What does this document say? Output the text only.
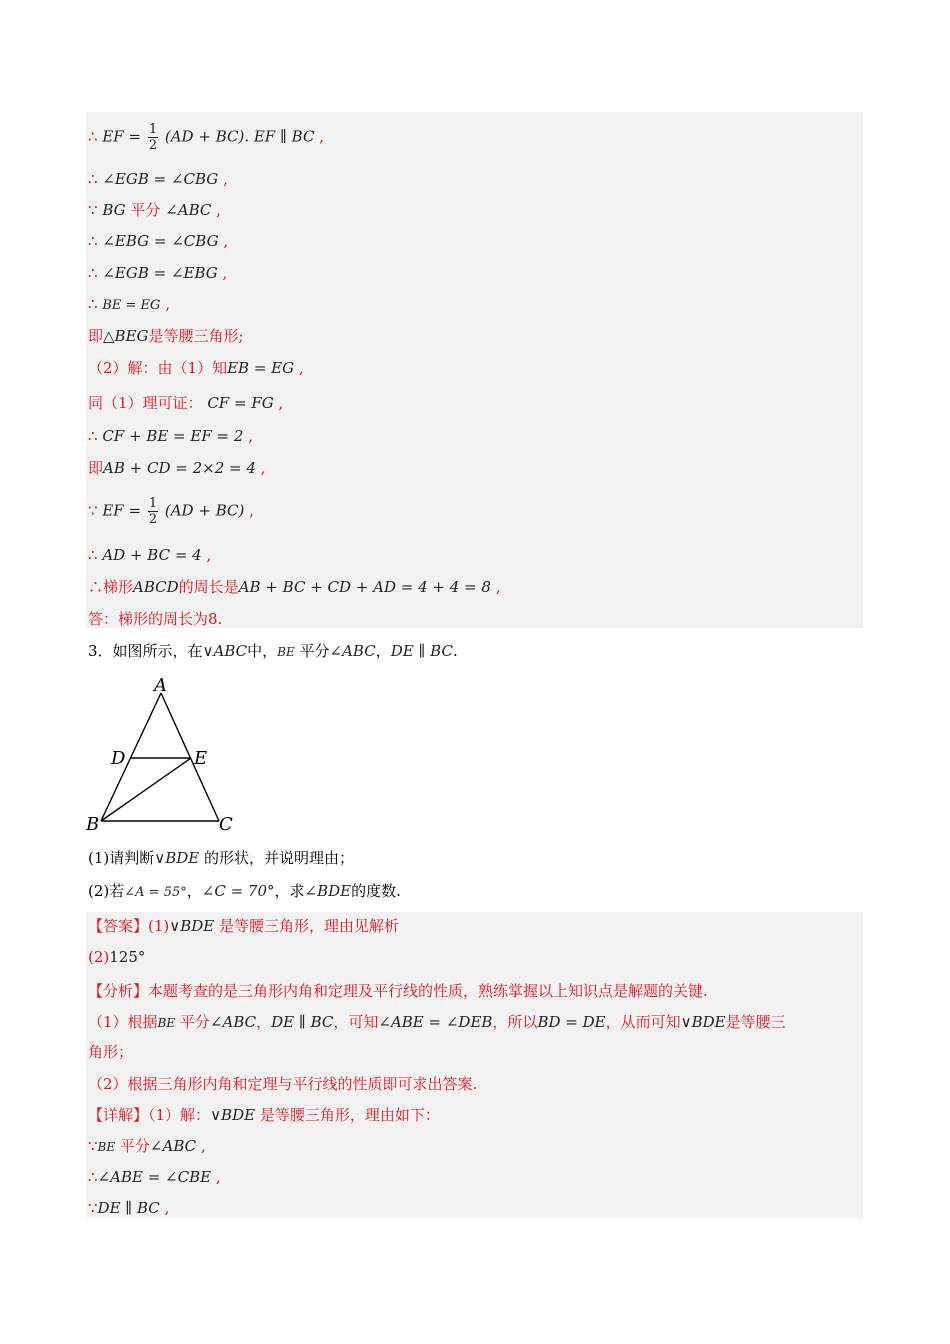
∴ EF = $\frac{1}{2} (AD + BC)$. EF ∥ BC ,
∴ ∠EGB = ∠CBG ,
∵ BG 平分 ∠ABC ,
∴ ∠EBG = ∠CBG ,
∴ ∠EGB = ∠EBG ,
∴ BE = EG ,
即△BEG是等腰三角形;
（2）解：由（1）知EB = EG ,
同（1）理可证： CF = FG ,
∴ CF + BE = EF = 2 ,
即AB + CD = 2×2 = 4 ,
∵ EF = $\frac{1}{2} (AD + BC)$ ,
∴ AD + BC = 4 ,
∴梯形ABCD的周长是AB + BC + CD + AD = 4 + 4 = 8 ,
答：梯形的周长为8.
3．如图所示，在∨ABC中，BE 平分∠ABC，DE ∥ BC.
A
D	E
B	C
(1)请判断∨BDE 的形状，并说明理由；
(2)若∠A = 55°，∠C = 70°，求∠BDE的度数.
【答案】(1)∨BDE 是等腰三角形，理由见解析
(2)125°
【分析】本题考查的是三角形内角和定理及平行线的性质，熟练掌握以上知识点是解题的关键.
（1）根据BE 平分∠ABC，DE ∥ BC，可知∠ABE = ∠DEB，所以BD = DE，从而可知∨BDE是等腰三
角形；
（2）根据三角形内角和定理与平行线的性质即可求出答案.
【详解】（1）解：∨BDE 是等腰三角形，理由如下：
∵BE 平分∠ABC ,
∴∠ABE = ∠CBE ,
∵DE ∥ BC ,
